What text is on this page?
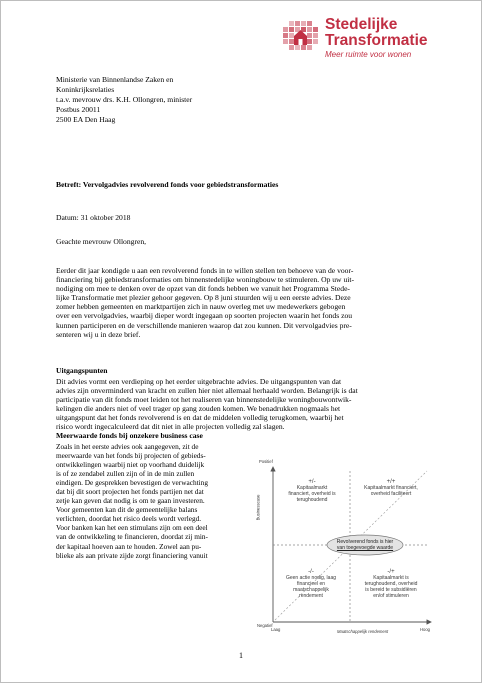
Stedelijke
Transformatie
Meer ruimte voor wonen
Ministerie van Binnenlandse Zaken en
Koninkrijksrelaties
t.a.v. mevrouw drs. K.H. Ollongren, minister
Postbus 20011
2500 EA Den Haag
Betreft: Vervolgadvies revolverend fonds voor gebiedstransformaties
Datum: 31 oktober 2018
Geachte mevrouw Ollongren,
Eerder dit jaar kondigde u aan een revolverend fonds in te willen stellen ten behoeve van de voor-
financiering bij gebiedstransformaties om binnenstedelijke woningbouw te stimuleren. Op uw uit-
nodiging om mee te denken over de opzet van dit fonds hebben we vanuit het Programma Stede-
lijke Transformatie met plezier gehoor gegeven. Op 8 juni stuurden wij u een eerste advies. Deze
zomer hebben gemeenten en marktpartijen zich in nauw overleg met uw medewerkers gebogen
over een vervolgadvies, waarbij dieper wordt ingegaan op soorten projecten waarin het fonds zou
kunnen participeren en de verschillende manieren waarop dat zou kunnen. Dit vervolgadvies pre-
senteren wij u in deze brief.
Uitgangspunten
Dit advies vormt een verdieping op het eerder uitgebrachte advies. De uitgangspunten van dat
advies zijn onverminderd van kracht en zullen hier niet allemaal herhaald worden. Belangrijk is dat
participatie van dit fonds moet leiden tot het realiseren van binnenstedelijke woningbouwontwik-
kelingen die anders niet of veel trager op gang zouden komen. We benadrukken nogmaals het
uitgangspunt dat het fonds revolverend is en dat de middelen volledig terugkomen, waarbij het
risico wordt ingecalculeerd dat dit niet in alle projecten volledig zal slagen.
Meerwaarde fonds bij onzekere business case
Zoals in het eerste advies ook aangegeven, zit de
meerwaarde van het fonds bij projecten of gebieds-
ontwikkelingen waarbij niet op voorhand duidelijk
is of ze zendabel zullen zijn of in de min zullen
eindigen. De gesprekken bevestigen de verwachting
dat bij dit soort projecten het fonds partijen net dat
zetje kan geven dat nodig is om te gaan investeren.
Voor gemeenten kan dit de gemeentelijke balans
verlichten, doordat het risico deels wordt verlegd.
Voor banken kan het een stimulans zijn om een deel
van de ontwikkeling te financieren, doordat zij min-
der kapitaal hoeven aan te houden. Zowel aan pu-
blieke als aan private zijde zorgt financiering vanuit
Positief
Negatief
Businesscase
Laag	Hoog
Maatschappelijk rendement
+/-
Kapitaalmarkt
financiert, overheid is
terughoudend
+/+
Kapitaalmarkt financiert,
overheid faciliteert
Revolverend fonds is hier
van toegevoegde waarde
-/-
Geen actie nodig, laag
financieel en
maatschappelijk
rendement
-/+
Kapitaalmarkt is
terughoudend, overheid
is bereid te subsidiëren
en/of stimuleren
1
